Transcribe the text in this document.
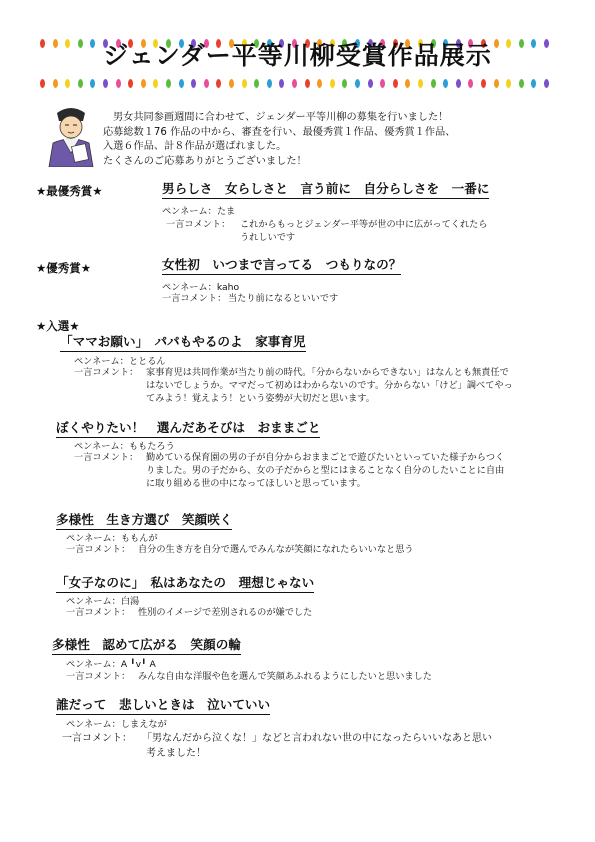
ジェンダー平等川柳受賞作品展示
男女共同参画週間に合わせて、ジェンダー平等川柳の募集を行いました！
応募総数１76 作品の中から、審査を行い、最優秀賞１作品、優秀賞１作品、
入選６作品、計８作品が選ばれました。
たくさんのご応募ありがとうございました！
★最優秀賞★	男らしさ　女らしさと　言う前に　自分らしさを　一番に
ペンネーム：たま
一言コメント： これからもっとジェンダー平等が世の中に広がってくれたら
うれしいです
★優秀賞★	女性初　いつまで言ってる　つもりなの？
ペンネーム：kaho
一言コメント： 当たり前になるといいです
★入選★
「ママお願い」　パパもやるのよ　家事育児
ペンネーム：ととるん
一言コメント： 家事育児は共同作業が当たり前の時代。「分からないからできない」はなんとも無責任で
はないでしょうか。ママだって初めはわからないのです。分からない「けど」調べてやっ
てみよう！覚えよう！という姿勢が大切だと思います。
ぼくやりたい！　選んだあそびは　おままごと
ペンネーム：ももたろう
一言コメント： 勤めている保育園の男の子が自分からおままごとで遊びたいといっていた様子からつく
りました。男の子だから、女の子だからと型にはまることなく自分のしたいことに自由
に取り組める世の中になってほしいと思っています。
多様性　生き方選び　笑顔咲く
ペンネーム：ももんが
一言コメント： 自分の生き方を自分で選んでみんなが笑顔になれたらいいなと思う
「女子なのに」　私はあなたの　理想じゃない
ペンネーム：白湯
一言コメント： 性別のイメージで差別されるのが嫌でした
多様性　認めて広がる　笑顔の輪
ペンネーム：A ╹v╹ A
一言コメント： みんな自由な洋服や色を選んで笑顔あふれるようにしたいと思いました
誰だって　悲しいときは　泣いていい
ペンネーム：しまえなが
一言コメント： 「男なんだから泣くな！」などと言われない世の中になったらいいなあと思い
考えました！
